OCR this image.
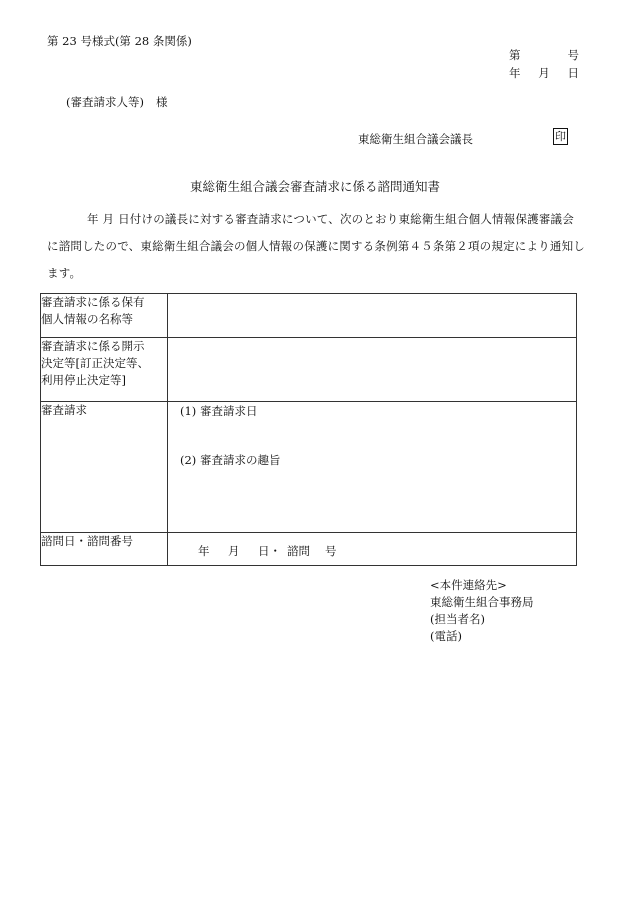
第 23 号様式(第 28 条関係)
第	号
年 月 日
(審査請求人等) 様
東総衛生組合議会議長	印
東総衛生組合議会審査請求に係る諮問通知書
年 月 日付けの議長に対する審査請求について、次のとおり東総衛生組合個人情報保護審議会に諮問したので、東総衛生組合議会の個人情報の保護に関する条例第４５条第２項の規定により通知します。
審査請求に係る保有
個人情報の名称等	

審査請求に係る開示
決定等[訂正決定等、
利用停止決定等]	

審査請求	(1) 審査請求日
(2) 審査請求の趣旨

諮問日・諮問番号	年 月 日・ 諮問 号
<本件連絡先>
東総衛生組合事務局
(担当者名)
(電話)
